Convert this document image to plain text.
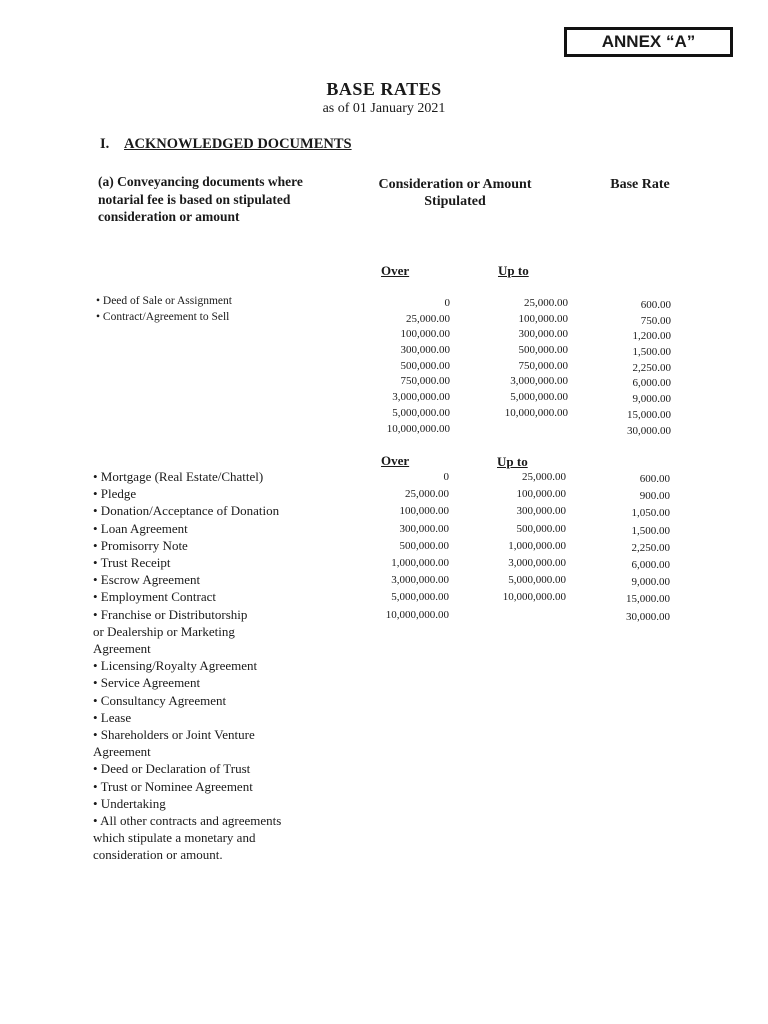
ANNEX “A”
BASE RATES
as of 01 January 2021
I. ACKNOWLEDGED DOCUMENTS
(a) Conveyancing documents where notarial fee is based on stipulated consideration or amount
Consideration or Amount Stipulated
Base Rate
Over	Up to
• Deed of Sale or Assignment
• Contract/Agreement to Sell
0
25,000.00
100,000.00
300,000.00
500,000.00
750,000.00
3,000,000.00
5,000,000.00
10,000,000.00
25,000.00
100,000.00
300,000.00
500,000.00
750,000.00
3,000,000.00
5,000,000.00
10,000,000.00
600.00
750.00
1,200.00
1,500.00
2,250.00
6,000.00
9,000.00
15,000.00
30,000.00
Over	Up to
• Mortgage (Real Estate/Chattel)
• Pledge
• Donation/Acceptance of Donation
• Loan Agreement
• Promisorry Note
• Trust Receipt
• Escrow Agreement
• Employment Contract
• Franchise or Distributorship
or Dealership or Marketing
Agreement
• Licensing/Royalty Agreement
• Service Agreement
• Consultancy Agreement
• Lease
• Shareholders or Joint Venture
Agreement
• Deed or Declaration of Trust
• Trust or Nominee Agreement
• Undertaking
• All other contracts and agreements
which stipulate a monetary and
consideration or amount.
0
25,000.00
100,000.00
300,000.00
500,000.00
1,000,000.00
3,000,000.00
5,000,000.00
10,000,000.00
25,000.00
100,000.00
300,000.00
500,000.00
1,000,000.00
3,000,000.00
5,000,000.00
10,000,000.00
600.00
900.00
1,050.00
1,500.00
2,250.00
6,000.00
9,000.00
15,000.00
30,000.00
